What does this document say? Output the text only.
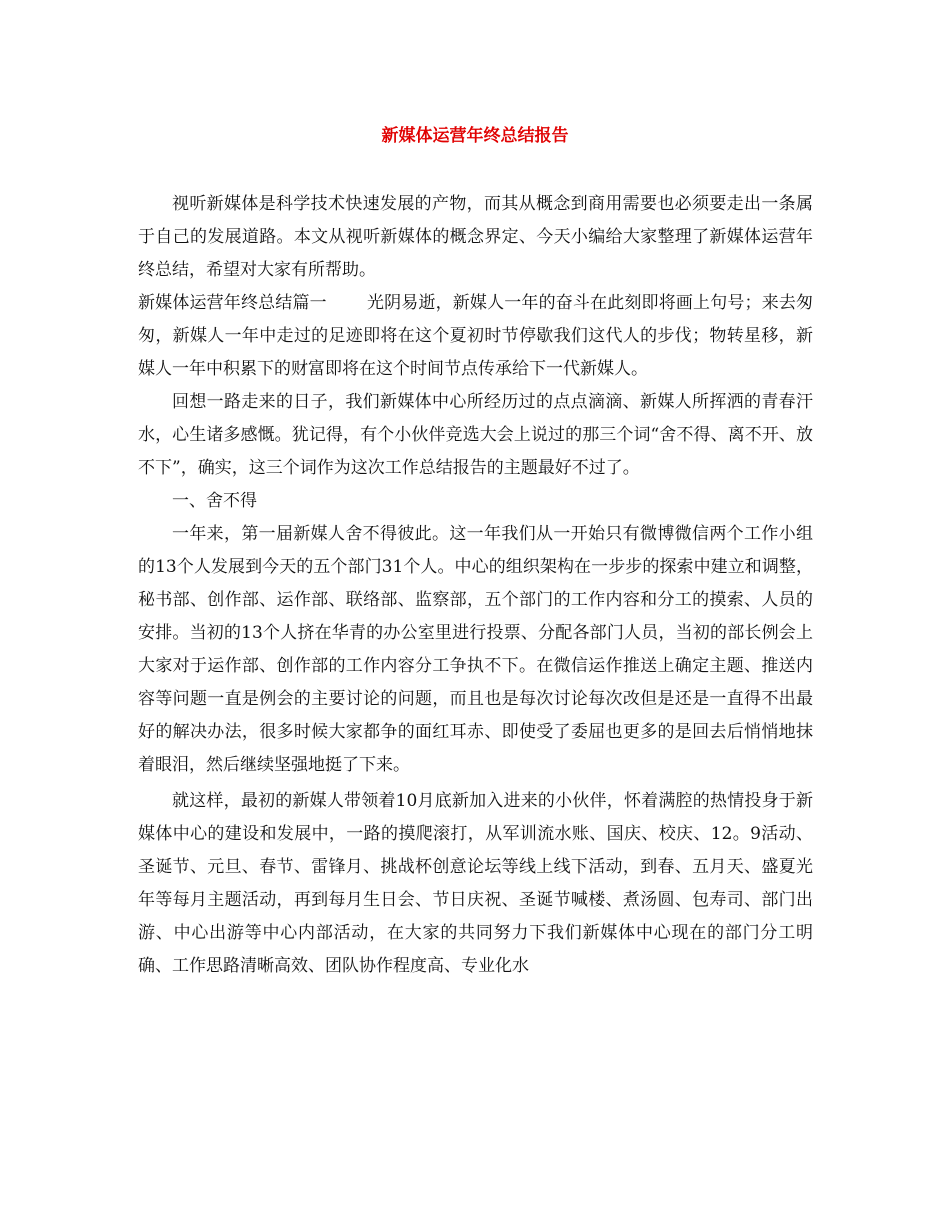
新媒体运营年终总结报告

视听新媒体是科学技术快速发展的产物，而其从概念到商用需要也必须要走出一条属于自己的发展道路。本文从视听新媒体的概念界定、今天小编给大家整理了新媒体运营年终总结，希望对大家有所帮助。

新媒体运营年终总结篇一 光阴易逝，新媒人一年的奋斗在此刻即将画上句号；来去匆匆，新媒人一年中走过的足迹即将在这个夏初时节停歇我们这代人的步伐；物转星移，新媒人一年中积累下的财富即将在这个时间节点传承给下一代新媒人。

回想一路走来的日子，我们新媒体中心所经历过的点点滴滴、新媒人所挥洒的青春汗水，心生诸多感慨。犹记得，有个小伙伴竞选大会上说过的那三个词“舍不得、离不开、放不下”，确实，这三个词作为这次工作总结报告的主题最好不过了。

一、舍不得

一年来，第一届新媒人舍不得彼此。这一年我们从一开始只有微博微信两个工作小组的13个人发展到今天的五个部门31个人。中心的组织架构在一步步的探索中建立和调整，秘书部、创作部、运作部、联络部、监察部，五个部门的工作内容和分工的摸索、人员的安排。当初的13个人挤在华青的办公室里进行投票、分配各部门人员，当初的部长例会上大家对于运作部、创作部的工作内容分工争执不下。在微信运作推送上确定主题、推送内容等问题一直是例会的主要讨论的问题，而且也是每次讨论每次改但是还是一直得不出最好的解决办法，很多时候大家都争的面红耳赤、即使受了委屈也更多的是回去后悄悄地抹着眼泪，然后继续坚强地挺了下来。

就这样，最初的新媒人带领着10月底新加入进来的小伙伴，怀着满腔的热情投身于新媒体中心的建设和发展中，一路的摸爬滚打，从军训流水账、国庆、校庆、12。9活动、圣诞节、元旦、春节、雷锋月、挑战杯创意论坛等线上线下活动，到春、五月天、盛夏光年等每月主题活动，再到每月生日会、节日庆祝、圣诞节喊楼、煮汤圆、包寿司、部门出游、中心出游等中心内部活动，在大家的共同努力下我们新媒体中心现在的部门分工明确、工作思路清晰高效、团队协作程度高、专业化水
